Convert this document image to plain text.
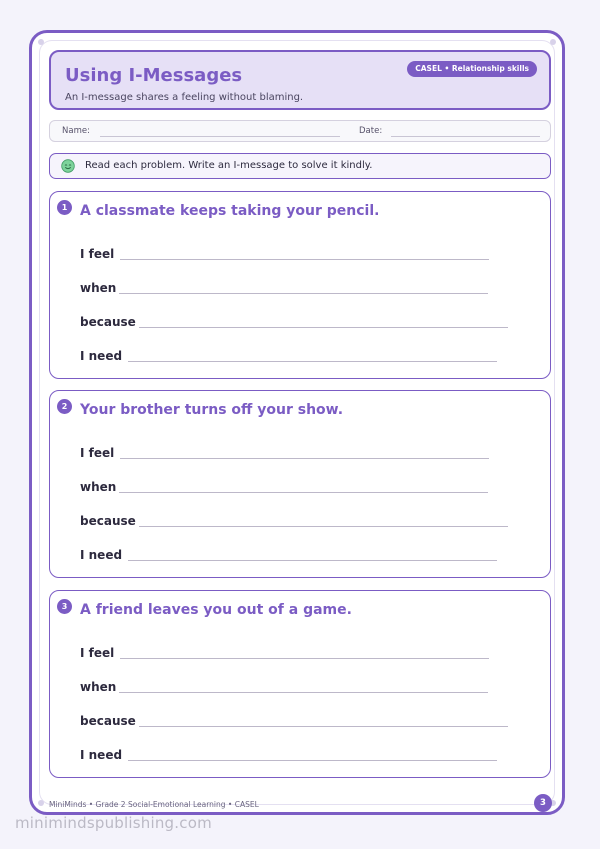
Using I-Messages

An I-message shares a feeling without blaming.

CASEL • Relationship skills
Name:	Date:
Read each problem. Write an I-message to solve it kindly.
1 A classmate keeps taking your pencil.
I feel
when
because
I need
2 Your brother turns off your show.
I feel
when
because
I need
3 A friend leaves you out of a game.
I feel
when
because
I need
MiniMinds • Grade 2 Social-Emotional Learning • CASEL	3
minimindspublishing.com
